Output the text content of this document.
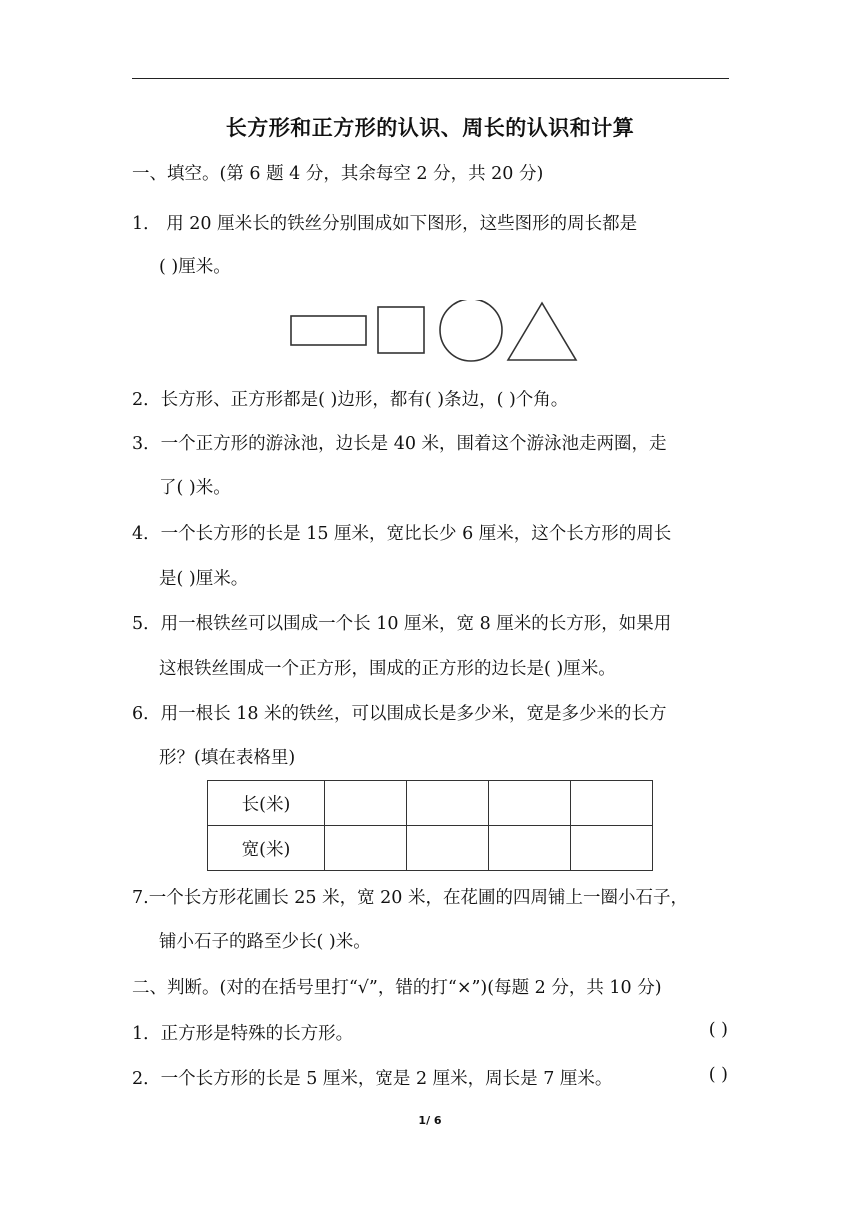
长方形和正方形的认识、周长的认识和计算
一、填空。(第 6 题 4 分，其余每空 2 分，共 20 分)
1． 用 20 厘米长的铁丝分别围成如下图形，这些图形的周长都是
( )厘米。
2．长方形、正方形都是( )边形，都有( )条边，( )个角。
3．一个正方形的游泳池，边长是 40 米，围着这个游泳池走两圈，走
了( )米。
4．一个长方形的长是 15 厘米，宽比长少 6 厘米，这个长方形的周长
是( )厘米。
5．用一根铁丝可以围成一个长 10 厘米，宽 8 厘米的长方形，如果用
这根铁丝围成一个正方形，围成的正方形的边长是( )厘米。
6．用一根长 18 米的铁丝，可以围成长是多少米，宽是多少米的长方
形？(填在表格里)
长(米)				
宽(米)				
7.一个长方形花圃长 25 米，宽 20 米，在花圃的四周铺上一圈小石子，
铺小石子的路至少长( )米。
二、判断。(对的在括号里打“√”，错的打“×”)(每题 2 分，共 10 分)
1．正方形是特殊的长方形。	( )
2．一个长方形的长是 5 厘米，宽是 2 厘米，周长是 7 厘米。	( )
1/ 6
